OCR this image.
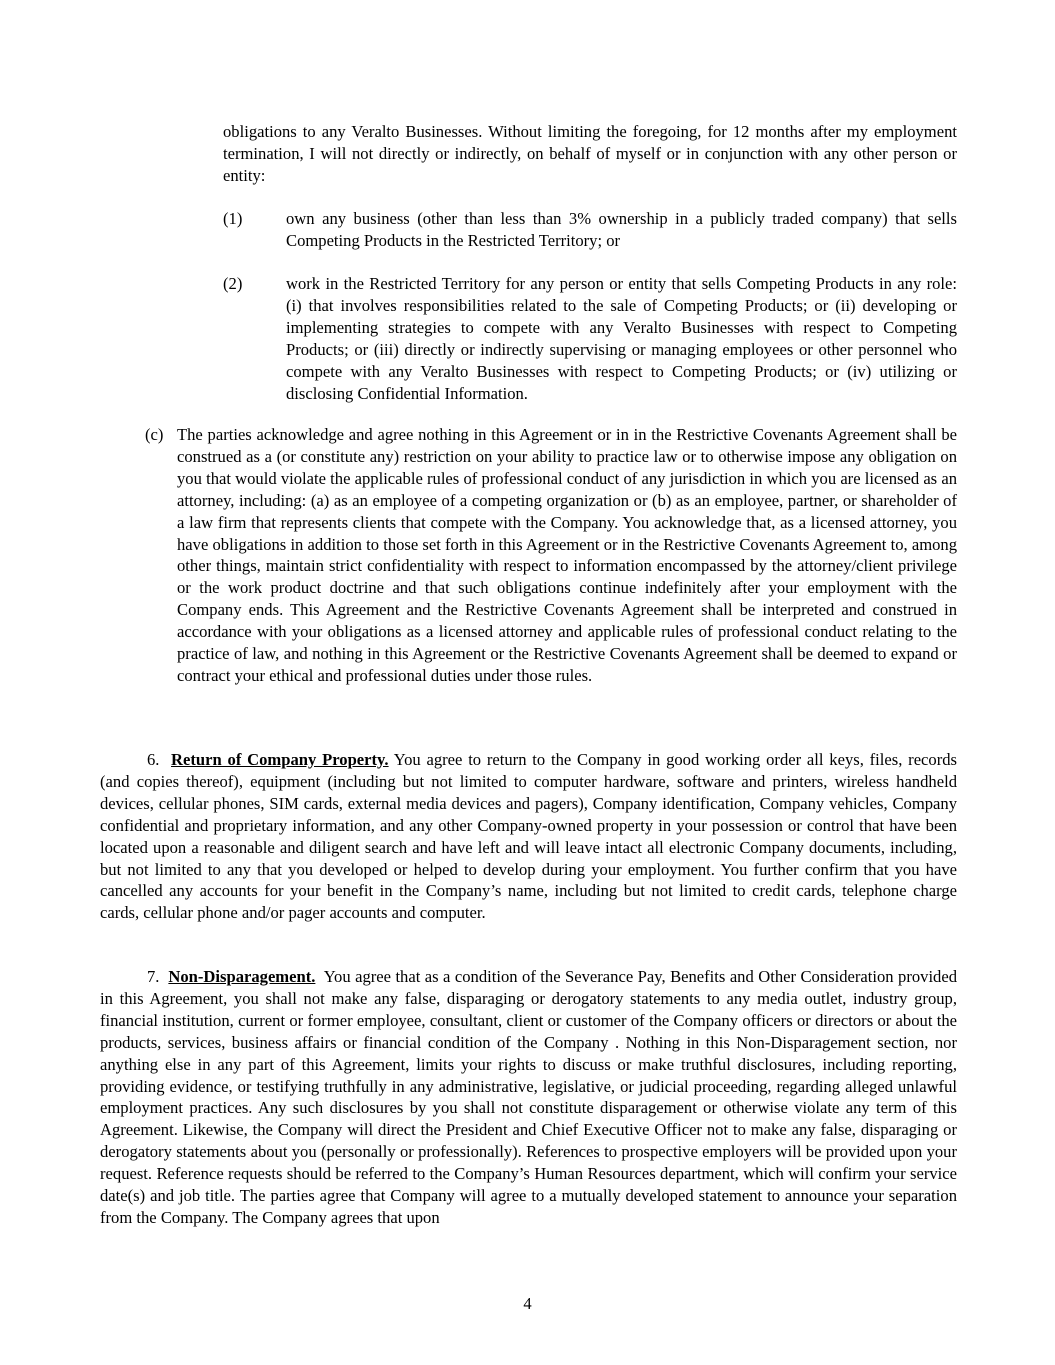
obligations to any Veralto Businesses. Without limiting the foregoing, for 12 months after my employment termination, I will not directly or indirectly, on behalf of myself or in conjunction with any other person or entity:

(1)	own any business (other than less than 3% ownership in a publicly traded company) that sells Competing Products in the Restricted Territory; or
(2)	work in the Restricted Territory for any person or entity that sells Competing Products in any role: (i) that involves responsibilities related to the sale of Competing Products; or (ii) developing or implementing strategies to compete with any Veralto Businesses with respect to Competing Products; or (iii) directly or indirectly supervising or managing employees or other personnel who compete with any Veralto Businesses with respect to Competing Products; or (iv) utilizing or disclosing Confidential Information.
(c) The parties acknowledge and agree nothing in this Agreement or in in the Restrictive Covenants Agreement shall be construed as a (or constitute any) restriction on your ability to practice law or to otherwise impose any obligation on you that would violate the applicable rules of professional conduct of any jurisdiction in which you are licensed as an attorney, including: (a) as an employee of a competing organization or (b) as an employee, partner, or shareholder of a law firm that represents clients that compete with the Company. You acknowledge that, as a licensed attorney, you have obligations in addition to those set forth in this Agreement or in the Restrictive Covenants Agreement to, among other things, maintain strict confidentiality with respect to information encompassed by the attorney/client privilege or the work product doctrine and that such obligations continue indefinitely after your employment with the Company ends. This Agreement and the Restrictive Covenants Agreement shall be interpreted and construed in accordance with your obligations as a licensed attorney and applicable rules of professional conduct relating to the practice of law, and nothing in this Agreement or the Restrictive Covenants Agreement shall be deemed to expand or contract your ethical and professional duties under those rules.

6. Return of Company Property. You agree to return to the Company in good working order all keys, files, records (and copies thereof), equipment (including but not limited to computer hardware, software and printers, wireless handheld devices, cellular phones, SIM cards, external media devices and pagers), Company identification, Company vehicles, Company confidential and proprietary information, and any other Company-owned property in your possession or control that have been located upon a reasonable and diligent search and have left and will leave intact all electronic Company documents, including, but not limited to any that you developed or helped to develop during your employment. You further confirm that you have cancelled any accounts for your benefit in the Company’s name, including but not limited to credit cards, telephone charge cards, cellular phone and/or pager accounts and computer.

7. Non-Disparagement. You agree that as a condition of the Severance Pay, Benefits and Other Consideration provided in this Agreement, you shall not make any false, disparaging or derogatory statements to any media outlet, industry group, financial institution, current or former employee, consultant, client or customer of the Company officers or directors or about the products, services, business affairs or financial condition of the Company . Nothing in this Non-Disparagement section, nor anything else in any part of this Agreement, limits your rights to discuss or make truthful disclosures, including reporting, providing evidence, or testifying truthfully in any administrative, legislative, or judicial proceeding, regarding alleged unlawful employment practices. Any such disclosures by you shall not constitute disparagement or otherwise violate any term of this Agreement. Likewise, the Company will direct the President and Chief Executive Officer not to make any false, disparaging or derogatory statements about you (personally or professionally). References to prospective employers will be provided upon your request. Reference requests should be referred to the Company’s Human Resources department, which will confirm your service date(s) and job title. The parties agree that Company will agree to a mutually developed statement to announce your separation from the Company. The Company agrees that upon

4
